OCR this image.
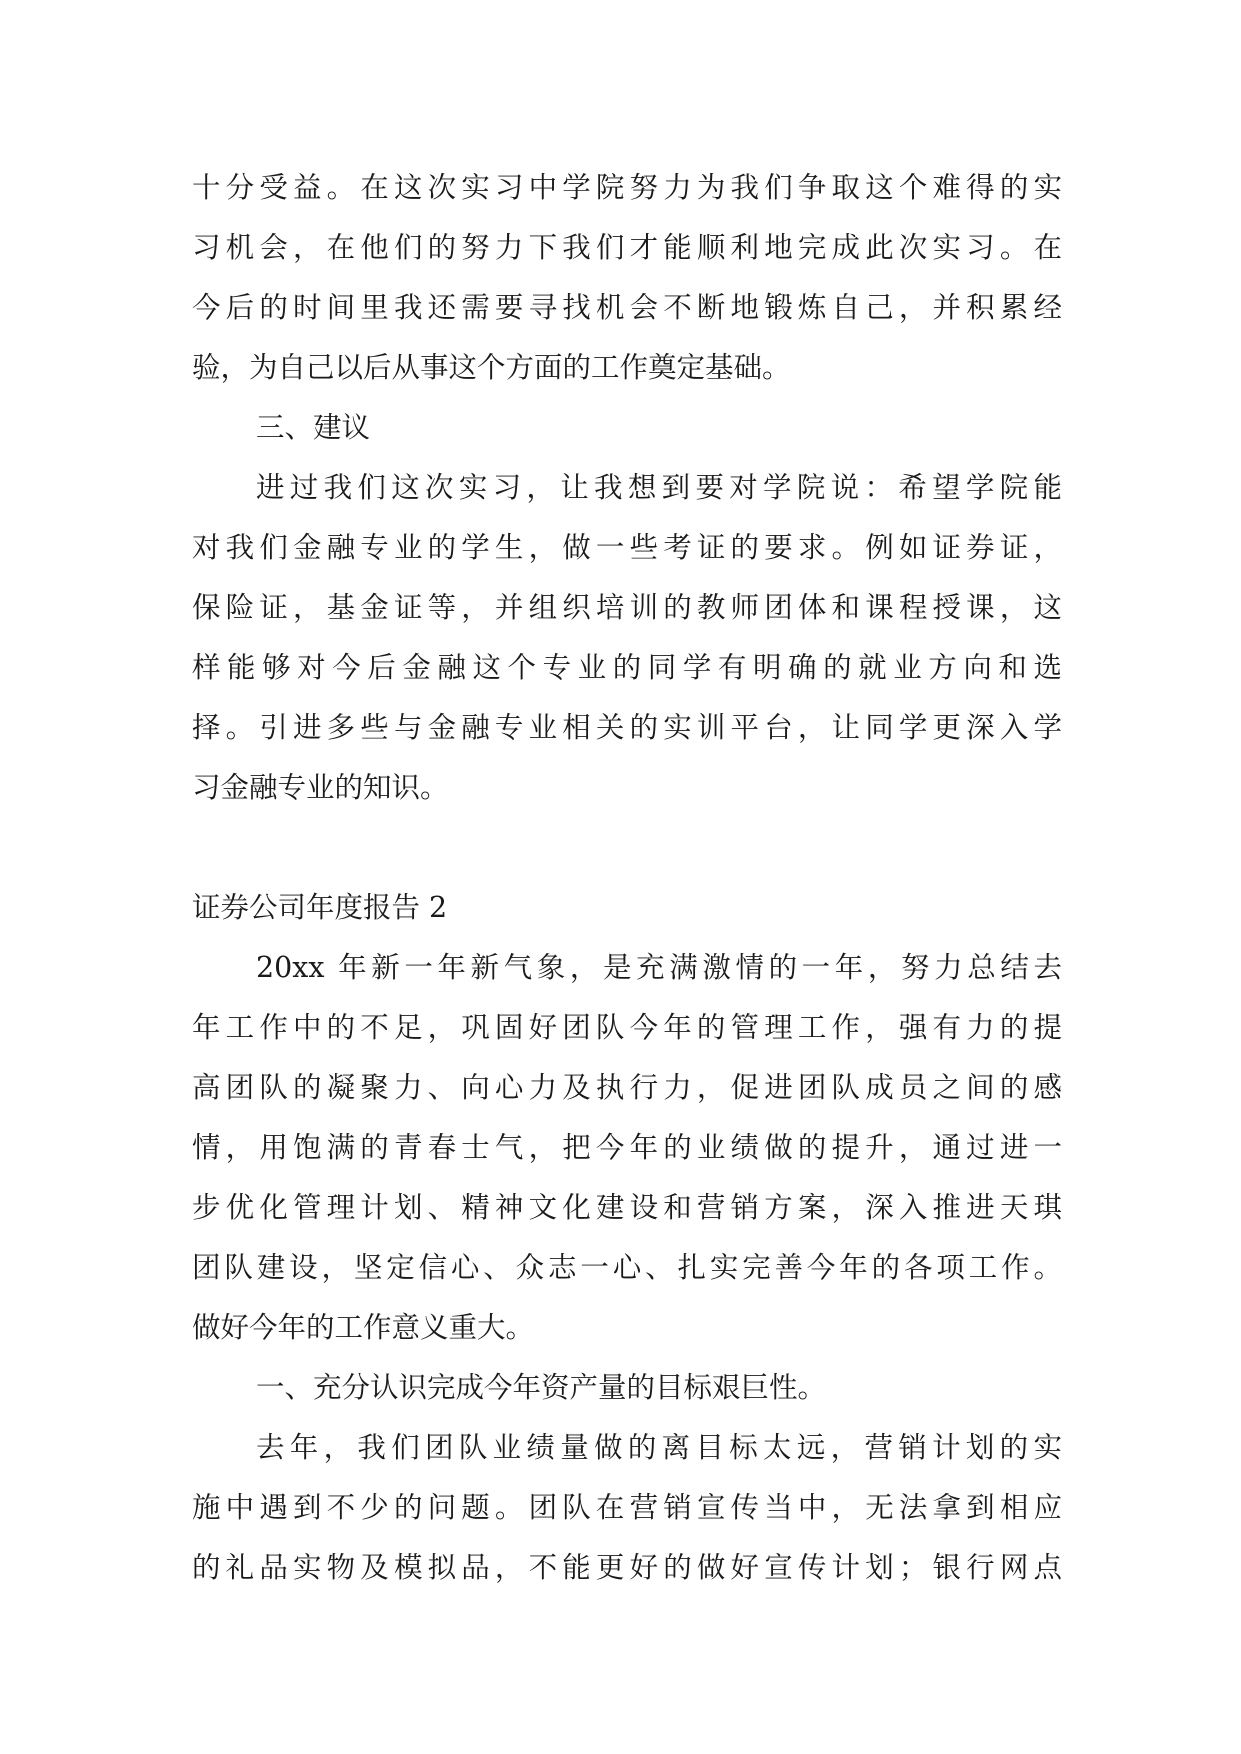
十分受益。在这次实习中学院努力为我们争取这个难得的实
习机会，在他们的努力下我们才能顺利地完成此次实习。在
今后的时间里我还需要寻找机会不断地锻炼自己，并积累经
验，为自己以后从事这个方面的工作奠定基础。
三、建议
进过我们这次实习，让我想到要对学院说：希望学院能
对我们金融专业的学生，做一些考证的要求。例如证券证，
保险证，基金证等，并组织培训的教师团体和课程授课，这
样能够对今后金融这个专业的同学有明确的就业方向和选
择。引进多些与金融专业相关的实训平台，让同学更深入学
习金融专业的知识。
证券公司年度报告 2
20xx 年新一年新气象，是充满激情的一年，努力总结去
年工作中的不足，巩固好团队今年的管理工作，强有力的提
高团队的凝聚力、向心力及执行力，促进团队成员之间的感
情，用饱满的青春士气，把今年的业绩做的提升，通过进一
步优化管理计划、精神文化建设和营销方案，深入推进天琪
团队建设，坚定信心、众志一心、扎实完善今年的各项工作。
做好今年的工作意义重大。
一、充分认识完成今年资产量的目标艰巨性。
去年，我们团队业绩量做的离目标太远，营销计划的实
施中遇到不少的问题。团队在营销宣传当中，无法拿到相应
的礼品实物及模拟品，不能更好的做好宣传计划；银行网点
